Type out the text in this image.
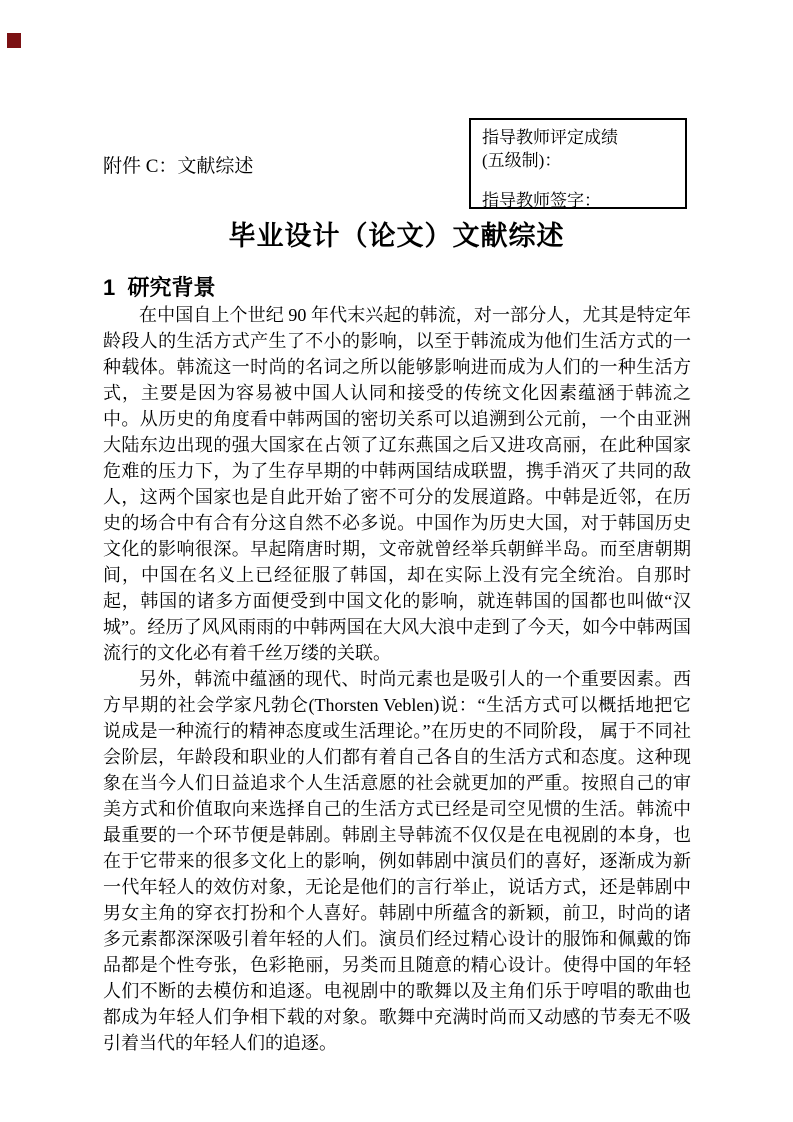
附件 C：文献综述
指导教师评定成绩
(五级制)：
指导教师签字：
毕业设计（论文）文献综述
1  研究背景

在中国自上个世纪 90 年代末兴起的韩流，对一部分人，尤其是特定年龄段人的生活方式产生了不小的影响，以至于韩流成为他们生活方式的一种载体。韩流这一时尚的名词之所以能够影响进而成为人们的一种生活方式，主要是因为容易被中国人认同和接受的传统文化因素蕴涵于韩流之中。从历史的角度看中韩两国的密切关系可以追溯到公元前，一个由亚洲大陆东边出现的强大国家在占领了辽东燕国之后又进攻高丽，在此种国家危难的压力下，为了生存早期的中韩两国结成联盟，携手消灭了共同的敌人，这两个国家也是自此开始了密不可分的发展道路。中韩是近邻，在历史的场合中有合有分这自然不必多说。中国作为历史大国，对于韩国历史文化的影响很深。早起隋唐时期，文帝就曾经举兵朝鲜半岛。而至唐朝期间，中国在名义上已经征服了韩国，却在实际上没有完全统治。自那时起，韩国的诸多方面便受到中国文化的影响，就连韩国的国都也叫做“汉城”。经历了风风雨雨的中韩两国在大风大浪中走到了今天，如今中韩两国流行的文化必有着千丝万缕的关联。

另外，韩流中蕴涵的现代、时尚元素也是吸引人的一个重要因素。西方早期的社会学家凡勃仑(Thorsten Veblen)说：“生活方式可以概括地把它说成是一种流行的精神态度或生活理论。”在历史的不同阶段， 属于不同社会阶层，年龄段和职业的人们都有着自己各自的生活方式和态度。这种现象在当今人们日益追求个人生活意愿的社会就更加的严重。按照自己的审美方式和价值取向来选择自己的生活方式已经是司空见惯的生活。韩流中最重要的一个环节便是韩剧。韩剧主导韩流不仅仅是在电视剧的本身，也在于它带来的很多文化上的影响，例如韩剧中演员们的喜好，逐渐成为新一代年轻人的效仿对象，无论是他们的言行举止，说话方式，还是韩剧中男女主角的穿衣打扮和个人喜好。韩剧中所蕴含的新颖，前卫，时尚的诸多元素都深深吸引着年轻的人们。演员们经过精心设计的服饰和佩戴的饰品都是个性夸张，色彩艳丽，另类而且随意的精心设计。使得中国的年轻人们不断的去模仿和追逐。电视剧中的歌舞以及主角们乐于哼唱的歌曲也都成为年轻人们争相下载的对象。歌舞中充满时尚而又动感的节奏无不吸引着当代的年轻人们的追逐。
